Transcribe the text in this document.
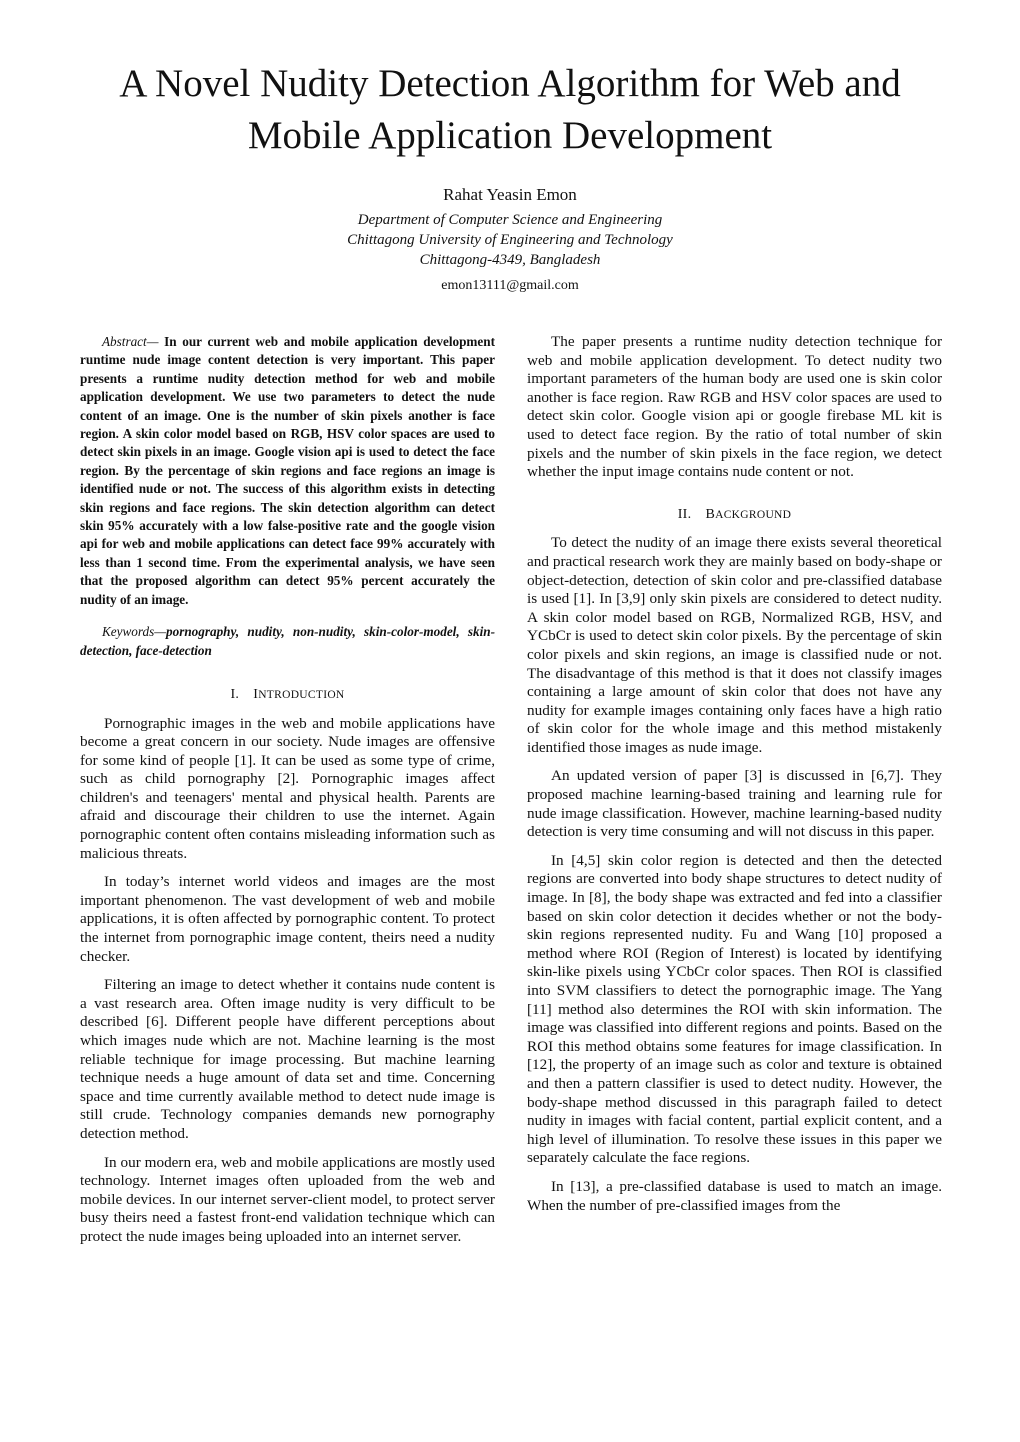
A Novel Nudity Detection Algorithm for Web and
Mobile Application Development

Rahat Yeasin Emon

Department of Computer Science and Engineering

Chittagong University of Engineering and Technology

Chittagong-4349, Bangladesh

emon13111@gmail.com

Abstract— In our current web and mobile application development runtime nude image content detection is very important. This paper presents a runtime nudity detection method for web and mobile application development. We use two parameters to detect the nude content of an image. One is the number of skin pixels another is face region. A skin color model based on RGB, HSV color spaces are used to detect skin pixels in an image. Google vision api is used to detect the face region. By the percentage of skin regions and face regions an image is identified nude or not. The success of this algorithm exists in detecting skin regions and face regions. The skin detection algorithm can detect skin 95% accurately with a low false-positive rate and the google vision api for web and mobile applications can detect face 99% accurately with less than 1 second time. From the experimental analysis, we have seen that the proposed algorithm can detect 95% percent accurately the nudity of an image.
Keywords—pornography, nudity, non-nudity, skin-color-model, skin-detection, face-detection
I. INTRODUCTION

Pornographic images in the web and mobile applications have become a great concern in our society. Nude images are offensive for some kind of people [1]. It can be used as some type of crime, such as child pornography [2]. Pornographic images affect children's and teenagers' mental and physical health. Parents are afraid and discourage their children to use the internet. Again pornographic content often contains misleading information such as malicious threats.

In today’s internet world videos and images are the most important phenomenon. The vast development of web and mobile applications, it is often affected by pornographic content. To protect the internet from pornographic image content, theirs need a nudity checker.

Filtering an image to detect whether it contains nude content is a vast research area. Often image nudity is very difficult to be described [6]. Different people have different perceptions about which images nude which are not. Machine learning is the most reliable technique for image processing. But machine learning technique needs a huge amount of data set and time. Concerning space and time currently available method to detect nude image is still crude. Technology companies demands new pornography detection method.

In our modern era, web and mobile applications are mostly used technology. Internet images often uploaded from the web and mobile devices. In our internet server-client model, to protect server busy theirs need a fastest front-end validation technique which can protect the nude images being uploaded into an internet server.

The paper presents a runtime nudity detection technique for web and mobile application development. To detect nudity two important parameters of the human body are used one is skin color another is face region. Raw RGB and HSV color spaces are used to detect skin color. Google vision api or google firebase ML kit is used to detect face region. By the ratio of total number of skin pixels and the number of skin pixels in the face region, we detect whether the input image contains nude content or not.

II. BACKGROUND

To detect the nudity of an image there exists several theoretical and practical research work they are mainly based on body-shape or object-detection, detection of skin color and pre-classified database is used [1]. In [3,9] only skin pixels are considered to detect nudity. A skin color model based on RGB, Normalized RGB, HSV, and YCbCr is used to detect skin color pixels. By the percentage of skin color pixels and skin regions, an image is classified nude or not. The disadvantage of this method is that it does not classify images containing a large amount of skin color that does not have any nudity for example images containing only faces have a high ratio of skin color for the whole image and this method mistakenly identified those images as nude image.

An updated version of paper [3] is discussed in [6,7]. They proposed machine learning-based training and learning rule for nude image classification. However, machine learning-based nudity detection is very time consuming and will not discuss in this paper.

In [4,5] skin color region is detected and then the detected regions are converted into body shape structures to detect nudity of image. In [8], the body shape was extracted and fed into a classifier based on skin color detection it decides whether or not the body-skin regions represented nudity. Fu and Wang [10] proposed a method where ROI (Region of Interest) is located by identifying skin-like pixels using YCbCr color spaces. Then ROI is classified into SVM classifiers to detect the pornographic image. The Yang [11] method also determines the ROI with skin information. The image was classified into different regions and points. Based on the ROI this method obtains some features for image classification. In [12], the property of an image such as color and texture is obtained and then a pattern classifier is used to detect nudity. However, the body-shape method discussed in this paragraph failed to detect nudity in images with facial content, partial explicit content, and a high level of illumination. To resolve these issues in this paper we separately calculate the face regions.

In [13], a pre-classified database is used to match an image. When the number of pre-classified images from the
